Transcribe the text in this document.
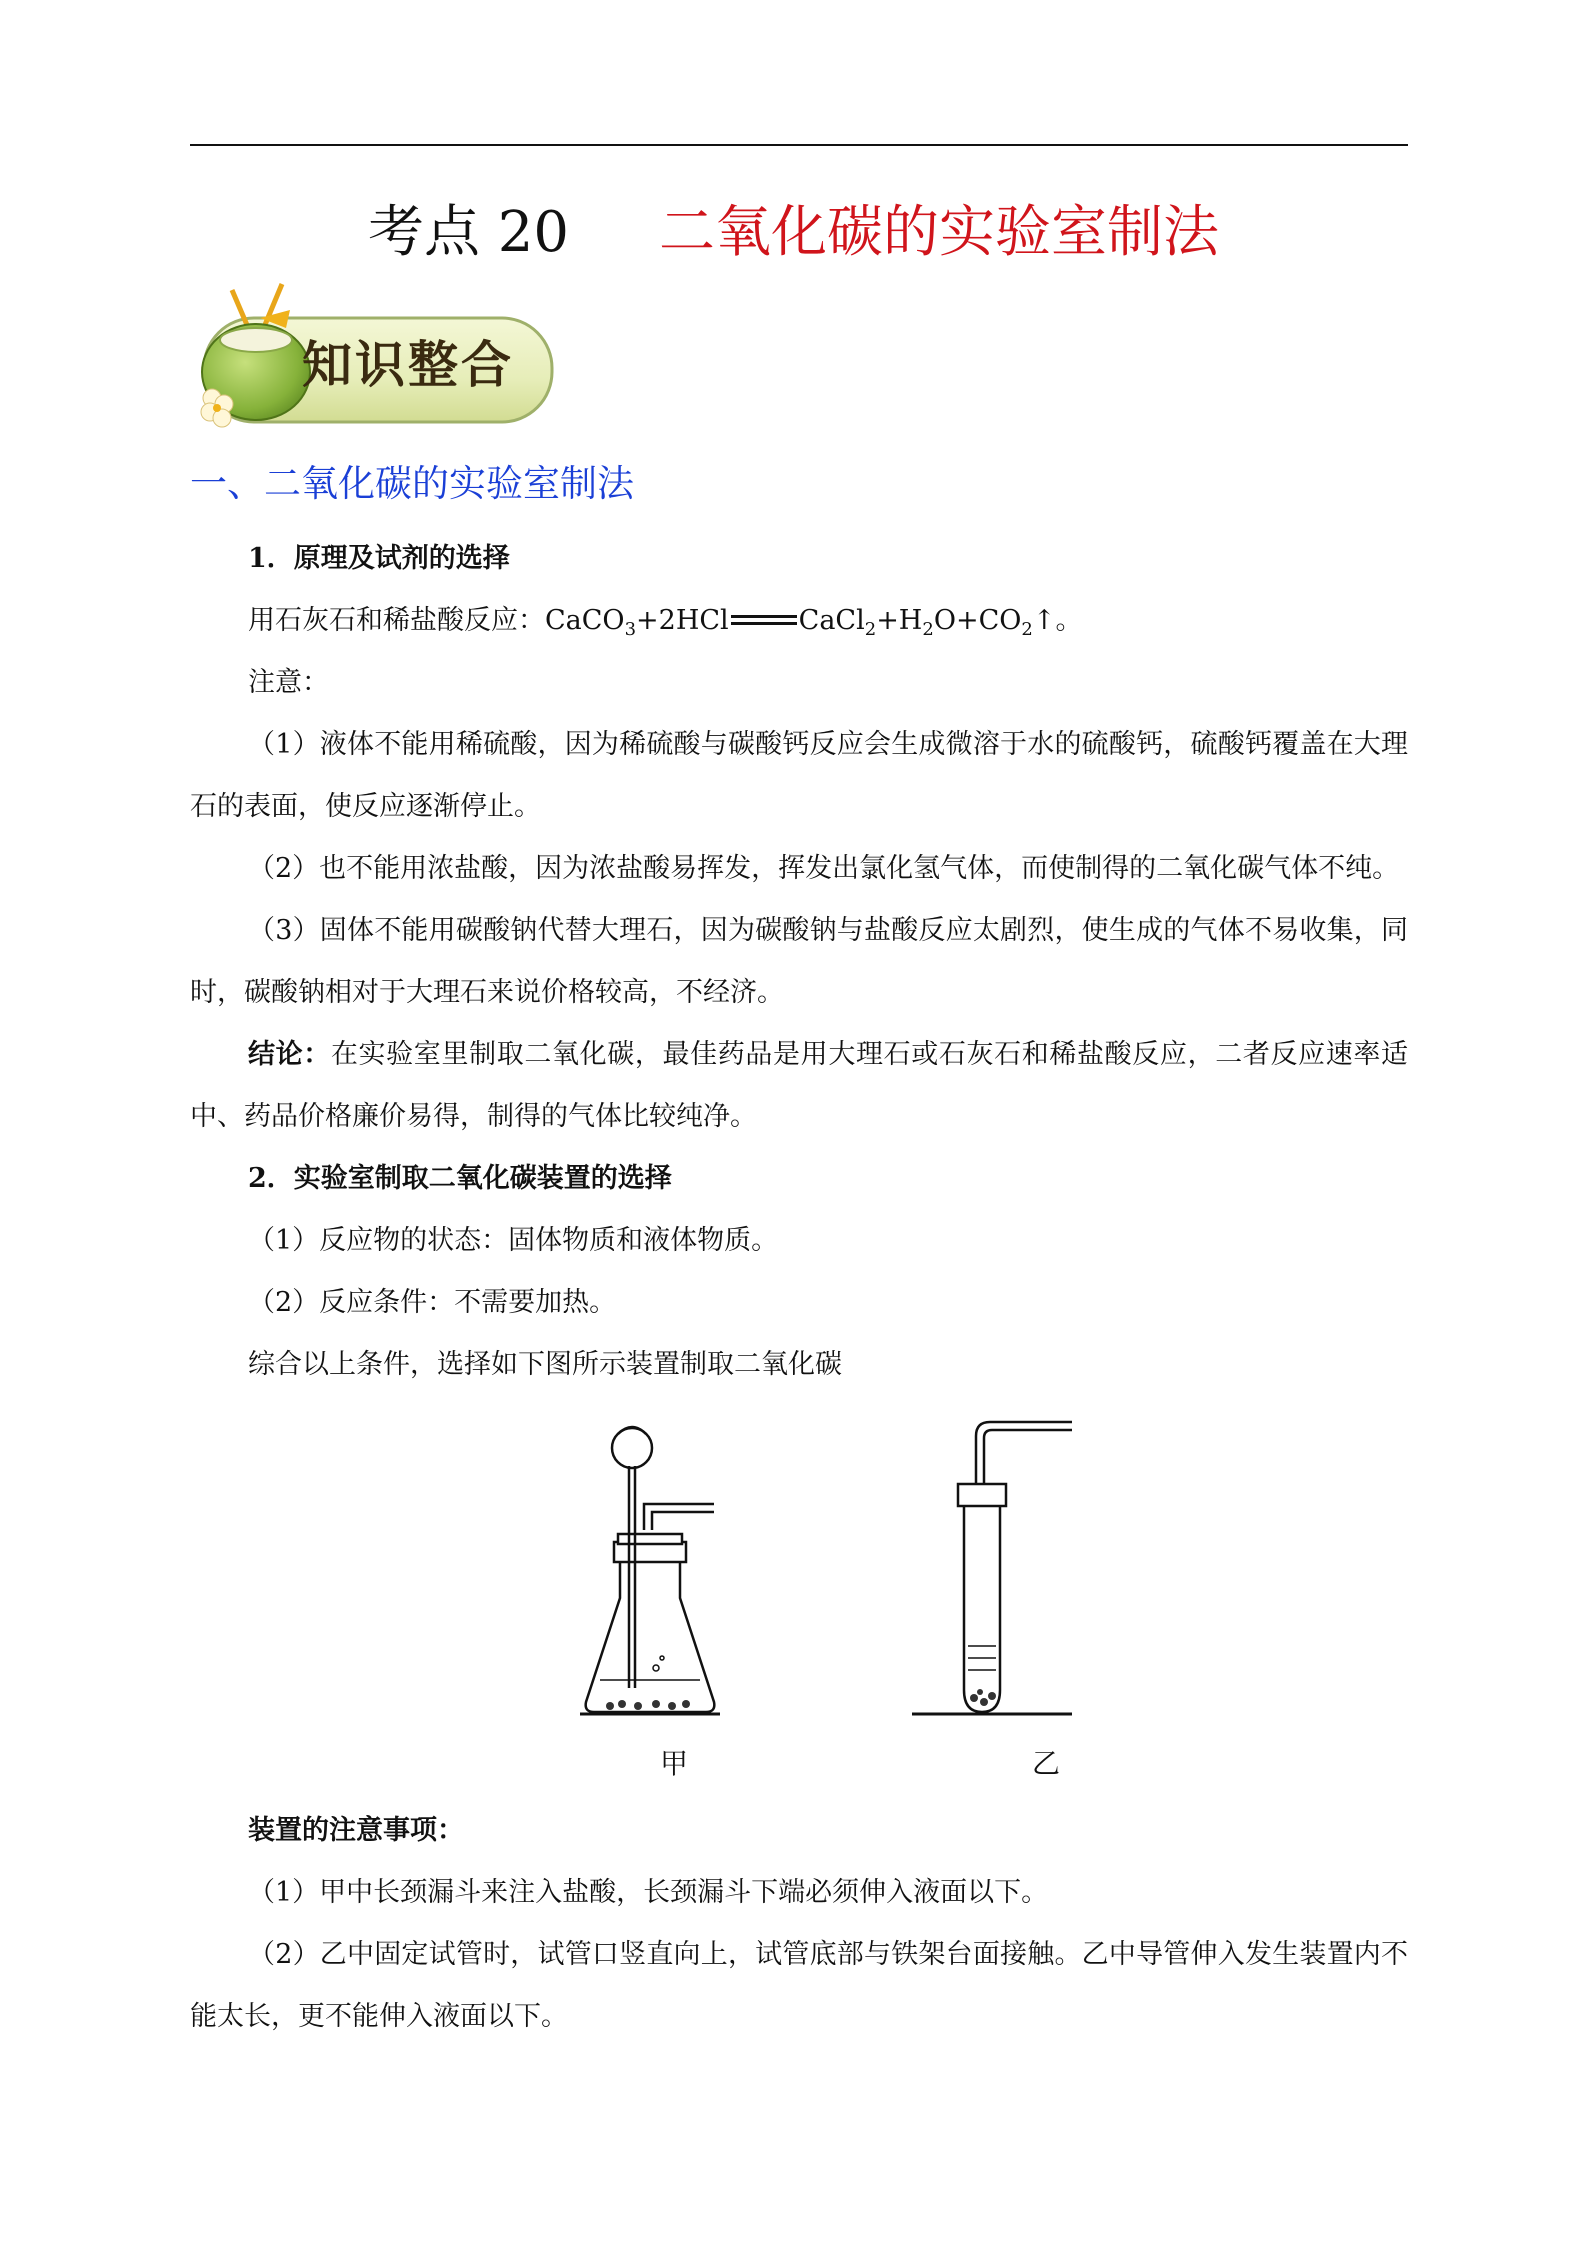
考点 20 二氧化碳的实验室制法
知识整合
一、二氧化碳的实验室制法
1．原理及试剂的选择
用石灰石和稀盐酸反应：CaCO$_3$+2HCl	$CaCl_2+H_2O+CO_2↑$。
注意：
（1）液体不能用稀硫酸，因为稀硫酸与碳酸钙反应会生成微溶于水的硫酸钙，硫酸钙覆盖在大理石的表面，使反应逐渐停止。
（2）也不能用浓盐酸，因为浓盐酸易挥发，挥发出氯化氢气体，而使制得的二氧化碳气体不纯。
（3）固体不能用碳酸钠代替大理石，因为碳酸钠与盐酸反应太剧烈，使生成的气体不易收集，同时，碳酸钠相对于大理石来说价格较高，不经济。
结论：在实验室里制取二氧化碳，最佳药品是用大理石或石灰石和稀盐酸反应，二者反应速率适中、药品价格廉价易得，制得的气体比较纯净。
2．实验室制取二氧化碳装置的选择
（1）反应物的状态：固体物质和液体物质。
（2）反应条件：不需要加热。
综合以上条件，选择如下图所示装置制取二氧化碳
甲	乙
装置的注意事项：
（1）甲中长颈漏斗来注入盐酸，长颈漏斗下端必须伸入液面以下。
（2）乙中固定试管时，试管口竖直向上，试管底部与铁架台面接触。乙中导管伸入发生装置内不能太长，更不能伸入液面以下。
